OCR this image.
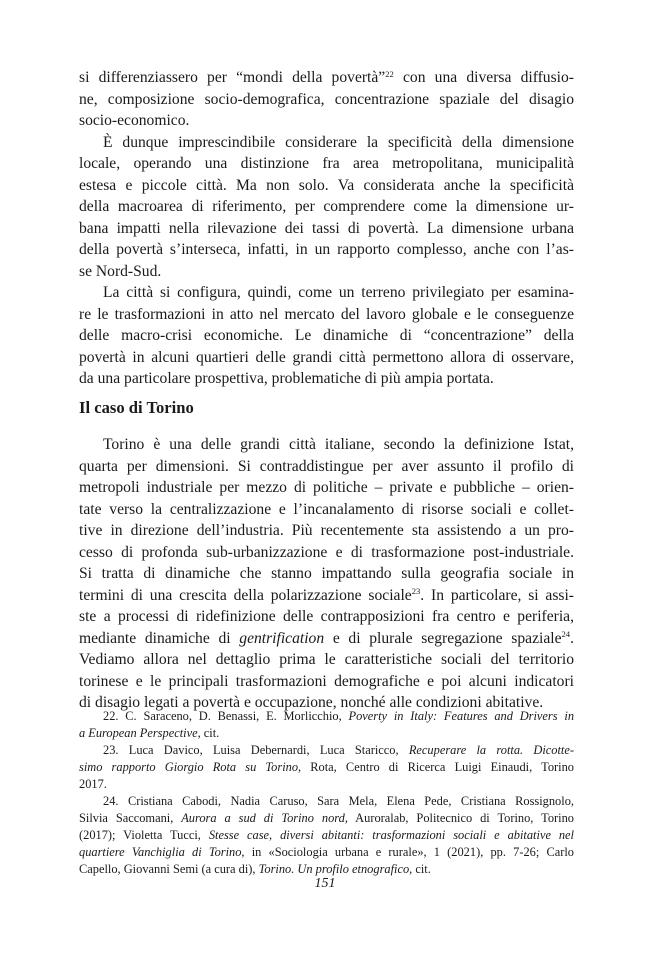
si differenziassero per “mondi della povertà”$^{22}$ con una diversa diffusio-
ne, composizione socio-demografica, concentrazione spaziale del disagio
socio-economico.
È dunque imprescindibile considerare la specificità della dimensione
locale, operando una distinzione fra area metropolitana, municipalità
estesa e piccole città. Ma non solo. Va considerata anche la specificità
della macroarea di riferimento, per comprendere come la dimensione ur-
bana impatti nella rilevazione dei tassi di povertà. La dimensione urbana
della povertà s’interseca, infatti, in un rapporto complesso, anche con l’as-
se Nord-Sud.
La città si configura, quindi, come un terreno privilegiato per esamina-
re le trasformazioni in atto nel mercato del lavoro globale e le conseguenze
delle macro-crisi economiche. Le dinamiche di “concentrazione” della
povertà in alcuni quartieri delle grandi città permettono allora di osservare,
da una particolare prospettiva, problematiche di più ampia portata.
Il caso di Torino
Torino è una delle grandi città italiane, secondo la definizione Istat,
quarta per dimensioni. Si contraddistingue per aver assunto il profilo di
metropoli industriale per mezzo di politiche – private e pubbliche – orien-
tate verso la centralizzazione e l’incanalamento di risorse sociali e collet-
tive in direzione dell’industria. Più recentemente sta assistendo a un pro-
cesso di profonda sub-urbanizzazione e di trasformazione post-industriale.
Si tratta di dinamiche che stanno impattando sulla geografia sociale in
termini di una crescita della polarizzazione sociale$^{23}$. In particolare, si assi-
ste a processi di ridefinizione delle contrapposizioni fra centro e periferia,
mediante dinamiche di gentrification e di plurale segregazione spaziale$^{24}$.
Vediamo allora nel dettaglio prima le caratteristiche sociali del territorio
torinese e le principali trasformazioni demografiche e poi alcuni indicatori
di disagio legati a povertà e occupazione, nonché alle condizioni abitative.
22. C. Saraceno, D. Benassi, E. Morlicchio, Poverty in Italy: Features and Drivers in
a European Perspective, cit.
23. Luca Davico, Luisa Debernardi, Luca Staricco, Recuperare la rotta. Dicotte-
simo rapporto Giorgio Rota su Torino, Rota, Centro di Ricerca Luigi Einaudi, Torino
2017.
24. Cristiana Cabodi, Nadia Caruso, Sara Mela, Elena Pede, Cristiana Rossignolo,
Silvia Saccomani, Aurora a sud di Torino nord, Auroralab, Politecnico di Torino, Torino
(2017); Violetta Tucci, Stesse case, diversi abitanti: trasformazioni sociali e abitative nel
quartiere Vanchiglia di Torino, in «Sociologia urbana e rurale», 1 (2021), pp. 7-26; Carlo
Capello, Giovanni Semi (a cura di), Torino. Un profilo etnografico, cit.
151
